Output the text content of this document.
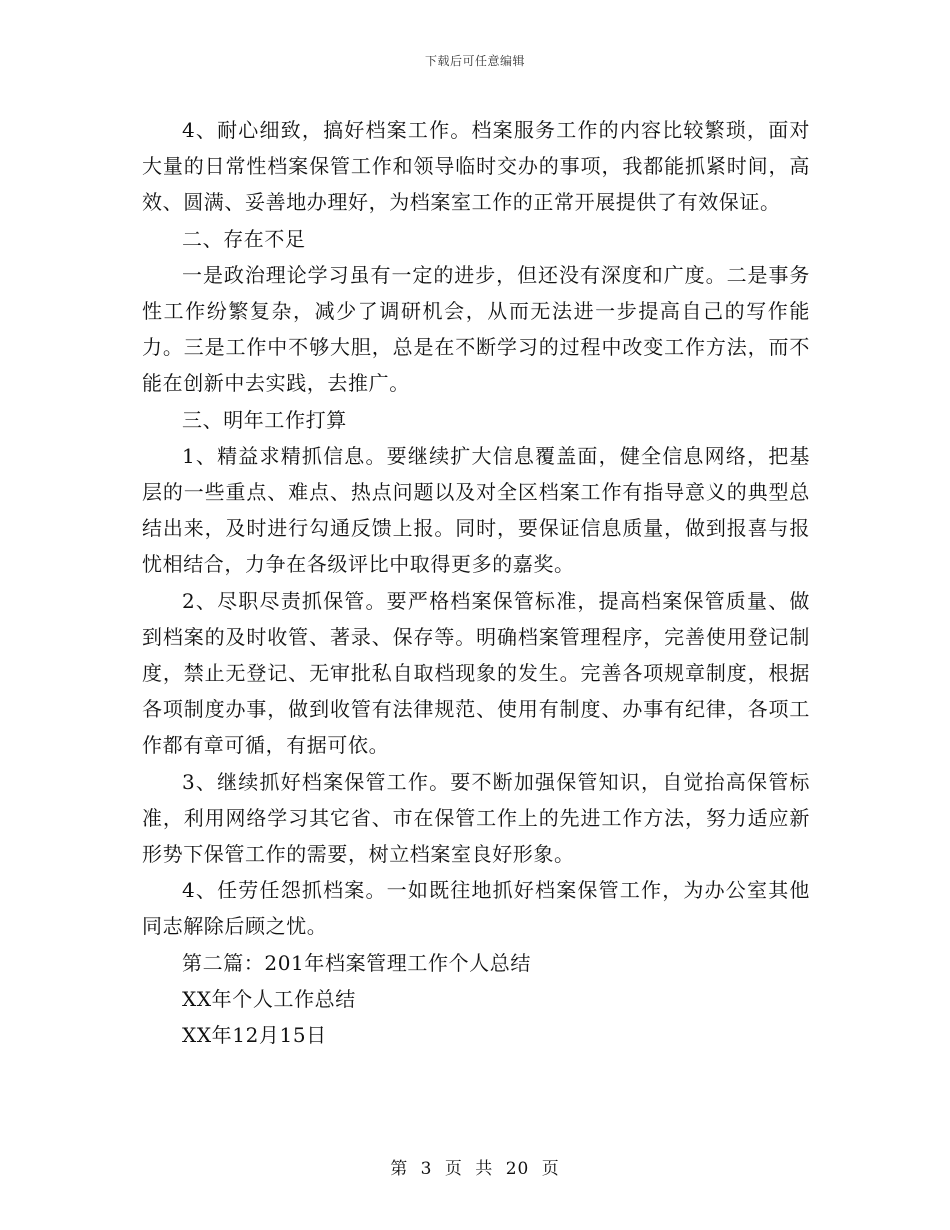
下载后可任意编辑

4、耐心细致，搞好档案工作。档案服务工作的内容比较繁琐，面对大量的日常性档案保管工作和领导临时交办的事项，我都能抓紧时间，高效、圆满、妥善地办理好，为档案室工作的正常开展提供了有效保证。

二、存在不足

一是政治理论学习虽有一定的进步，但还没有深度和广度。二是事务性工作纷繁复杂，减少了调研机会，从而无法进一步提高自己的写作能力。三是工作中不够大胆，总是在不断学习的过程中改变工作方法，而不能在创新中去实践，去推广。

三、明年工作打算

1、精益求精抓信息。要继续扩大信息覆盖面，健全信息网络，把基层的一些重点、难点、热点问题以及对全区档案工作有指导意义的典型总结出来，及时进行勾通反馈上报。同时，要保证信息质量，做到报喜与报忧相结合，力争在各级评比中取得更多的嘉奖。

2、尽职尽责抓保管。要严格档案保管标准，提高档案保管质量、做到档案的及时收管、著录、保存等。明确档案管理程序，完善使用登记制度，禁止无登记、无审批私自取档现象的发生。完善各项规章制度，根据各项制度办事，做到收管有法律规范、使用有制度、办事有纪律，各项工作都有章可循，有据可依。

3、继续抓好档案保管工作。要不断加强保管知识，自觉抬高保管标准，利用网络学习其它省、市在保管工作上的先进工作方法，努力适应新形势下保管工作的需要，树立档案室良好形象。

4、任劳任怨抓档案。一如既往地抓好档案保管工作，为办公室其他同志解除后顾之忧。

第二篇：201年档案管理工作个人总结

XX年个人工作总结

XX年12月15日

第 3 页 共 20 页
